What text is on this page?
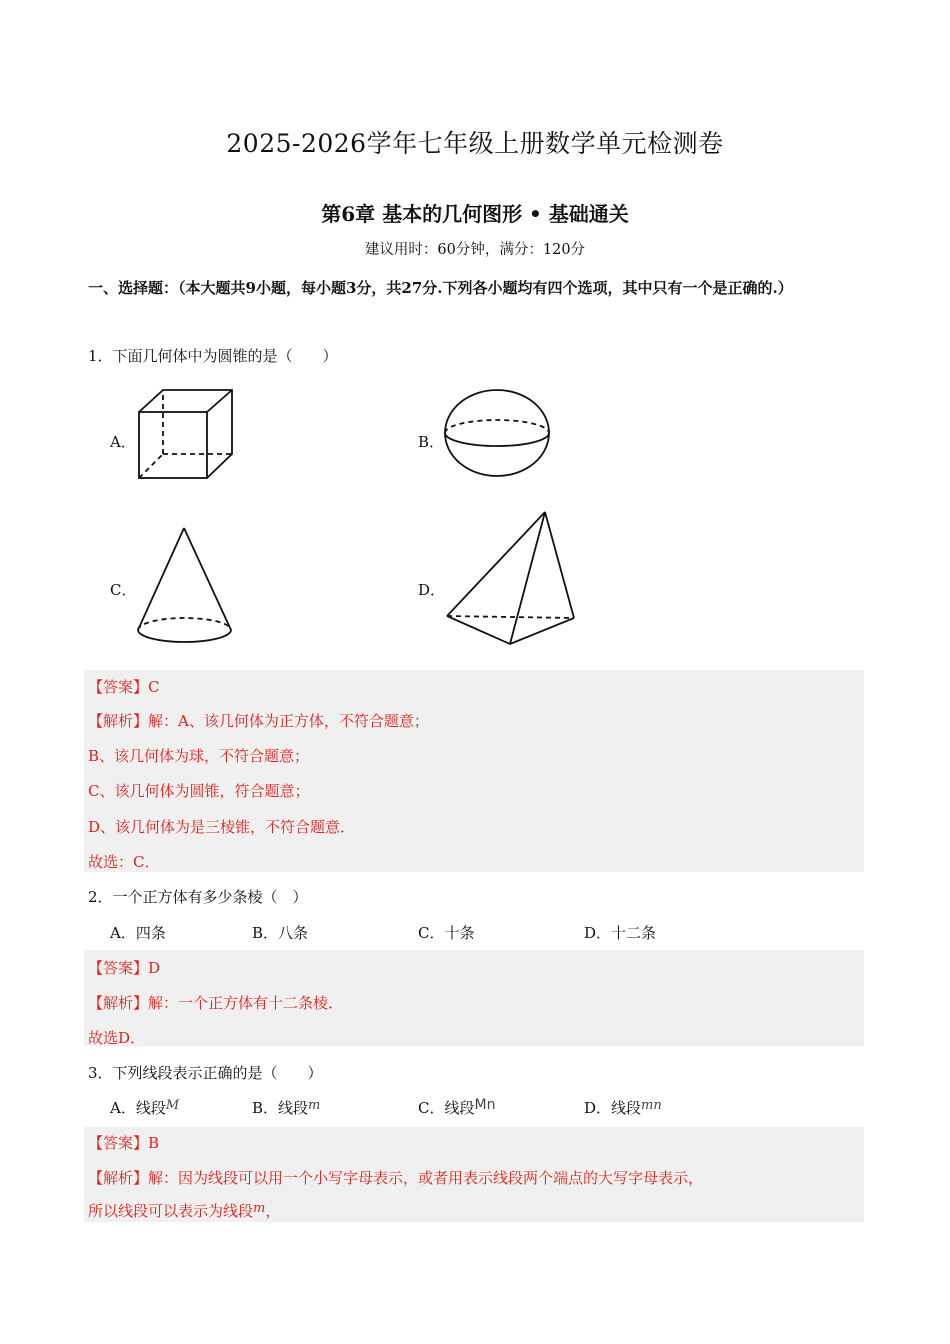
2025-2026学年七年级上册数学单元检测卷
第6章 基本的几何图形 • 基础通关
建议用时：60分钟，满分：120分
一、选择题：（本大题共9小题，每小题3分，共27分.下列各小题均有四个选项，其中只有一个是正确的.）
1．下面几何体中为圆锥的是（　　）
A．	B．
C．	D．
【答案】C
【解析】解：A、该几何体为正方体，不符合题意；
B、该几何体为球，不符合题意；
C、该几何体为圆锥，符合题意；
D、该几何体为是三棱锥，不符合题意．
故选：C．
2．一个正方体有多少条棱（　）
A．四条	B．八条	C．十条	D．十二条
【答案】D
【解析】解：一个正方体有十二条棱．
故选D．
3．下列线段表示正确的是（　　）
A．线段M	B．线段m	C．线段Mn	D．线段mn
【答案】B
【解析】解：因为线段可以用一个小写字母表示，或者用表示线段两个端点的大写字母表示，
所以线段可以表示为线段m，
